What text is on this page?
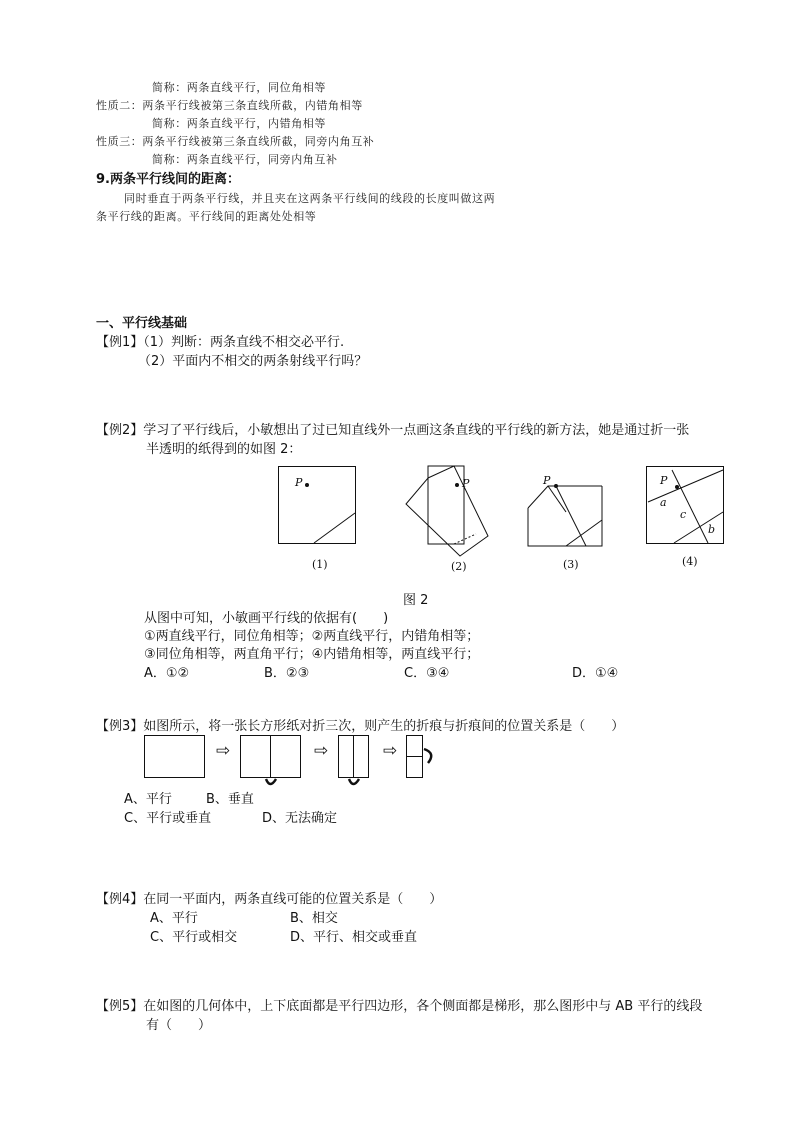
简称：两条直线平行，同位角相等
性质二：两条平行线被第三条直线所截，内错角相等
简称：两条直线平行，内错角相等
性质三：两条平行线被第三条直线所截，同旁内角互补
简称：两条直线平行，同旁内角互补
9.两条平行线间的距离：
同时垂直于两条平行线，并且夹在这两条平行线间的线段的长度叫做这两
条平行线的距离。平行线间的距离处处相等
一、平行线基础
【例1】（1）判断：两条直线不相交必平行.
（2）平面内不相交的两条射线平行吗？
【例2】学习了平行线后，小敏想出了过已知直线外一点画这条直线的平行线的新方法，她是通过折一张
半透明的纸得到的如图 2：
P	P	P	P
a
c
b
(1)	(2)	(3)	(4)
图 2
从图中可知，小敏画平行线的依据有(　　)
①两直线平行，同位角相等；②两直线平行，内错角相等；
③同位角相等，两直角平行；④内错角相等，两直线平行；
A．①②	B．②③	C．③④	D．①④
【例3】如图所示，将一张长方形纸对折三次，则产生的折痕与折痕间的位置关系是（　　）
⇨	⇨	⇨
A、平行	B、垂直
C、平行或垂直	D、无法确定
【例4】在同一平面内，两条直线可能的位置关系是（　　）
A、平行	B、相交
C、平行或相交	D、平行、相交或垂直
【例5】在如图的几何体中，上下底面都是平行四边形，各个侧面都是梯形，那么图形中与 AB 平行的线段
有（　　）
